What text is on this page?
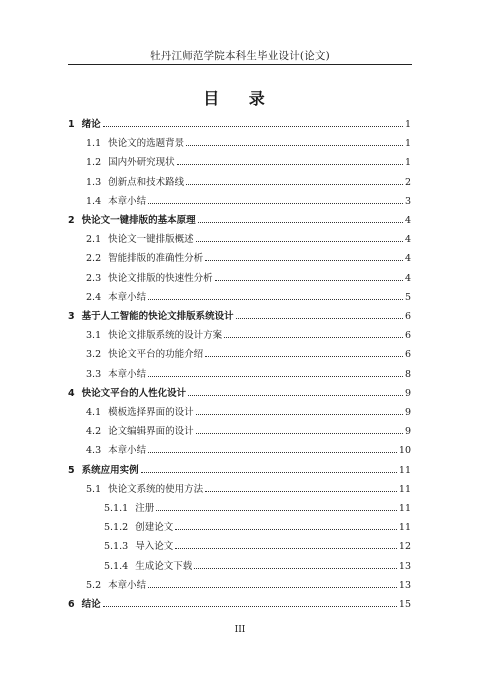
牡丹江师范学院本科生毕业设计(论文)
目 录
1 绪论	1
1.1 快论文的选题背景	1
1.2 国内外研究现状	1
1.3 创新点和技术路线	2
1.4 本章小结	3
2 快论文一键排版的基本原理	4
2.1 快论文一键排版概述	4
2.2 智能排版的准确性分析	4
2.3 快论文排版的快速性分析	4
2.4 本章小结	5
3 基于人工智能的快论文排版系统设计	6
3.1 快论文排版系统的设计方案	6
3.2 快论文平台的功能介绍	6
3.3 本章小结	8
4 快论文平台的人性化设计	9
4.1 模板选择界面的设计	9
4.2 论文编辑界面的设计	9
4.3 本章小结	10
5 系统应用实例	11
5.1 快论文系统的使用方法	11
5.1.1 注册	11
5.1.2 创建论文	11
5.1.3 导入论文	12
5.1.4 生成论文下载	13
5.2 本章小结	13
6 结论	15
III
